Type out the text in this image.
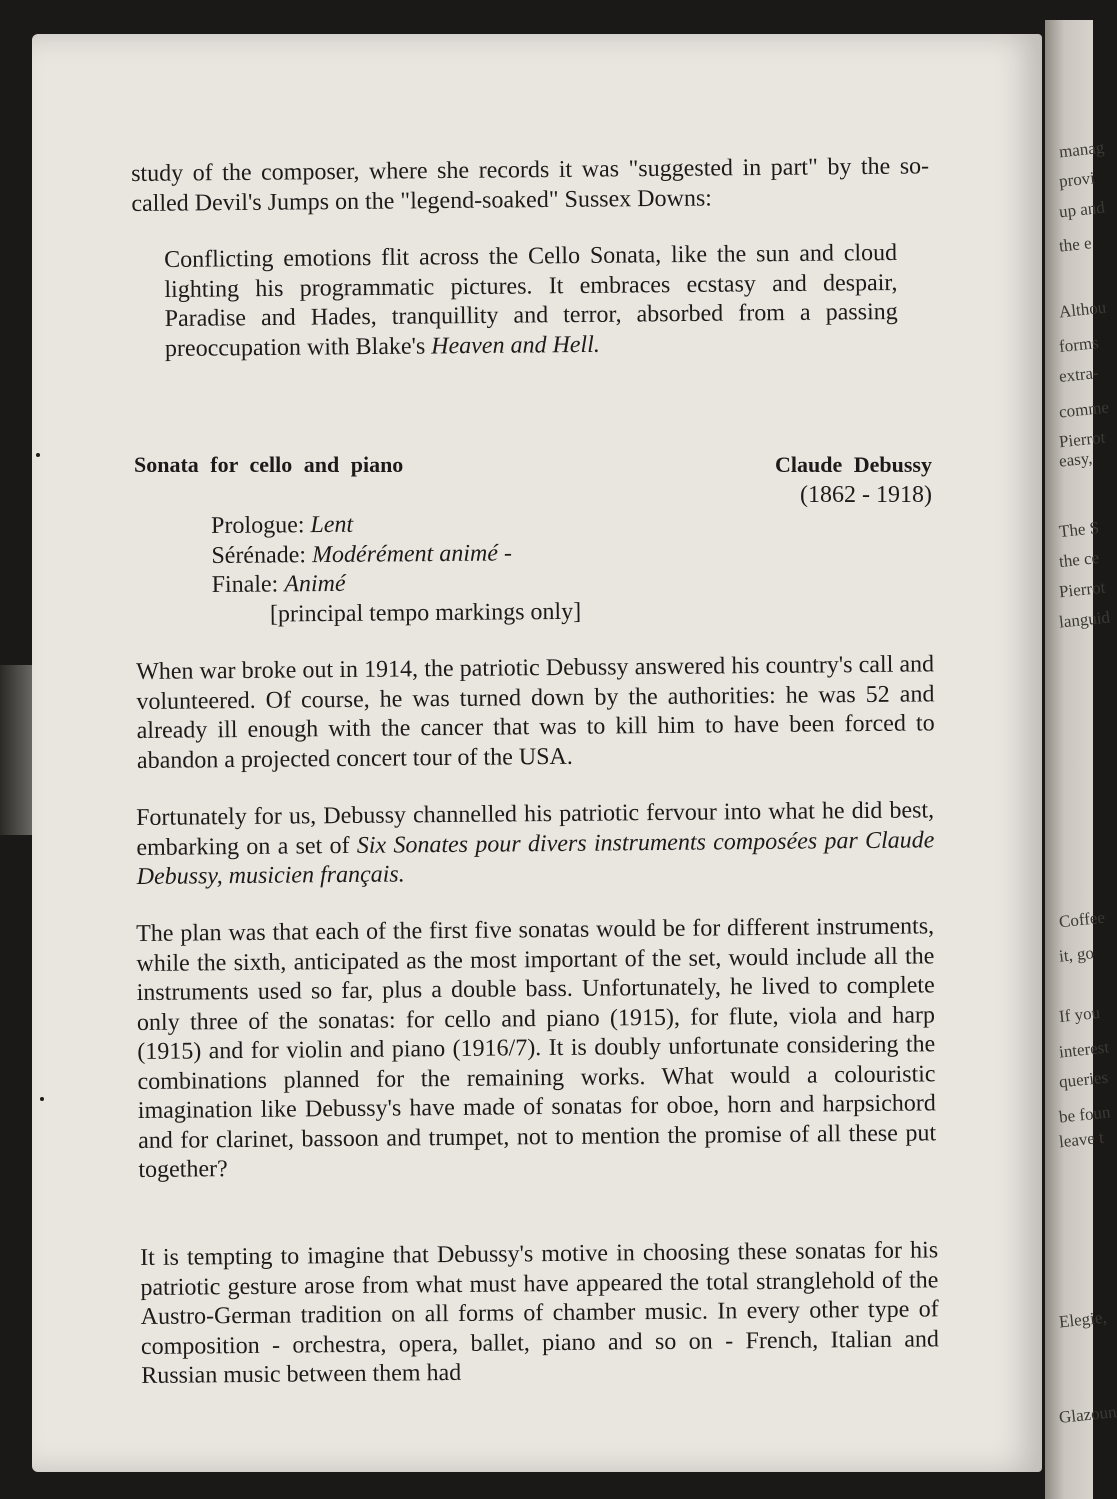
manag
provi
up and
the e
Althou
forms
extra-
comme
Pierrot
easy,
The S
the ce
Pierrot
languid
Coffee
it, go
If you
interest
queries
be foun
leave t
Elegie,
Glazoun

study of the composer, where she records it was "suggested in part" by the so-called Devil's Jumps on the "legend-soaked" Sussex Downs:

Conflicting emotions flit across the Cello Sonata, like the sun and cloud lighting his programmatic pictures. It embraces ecstasy and despair, Paradise and Hades, tranquillity and terror, absorbed from a passing preoccupation with Blake's Heaven and Hell.

Sonata for cello and piano	Claude Debussy
(1862 - 1918)
Prologue: Lent
Sérénade: Modérément animé -
Finale: Animé
[principal tempo markings only]

When war broke out in 1914, the patriotic Debussy answered his country's call and volunteered. Of course, he was turned down by the authorities: he was 52 and already ill enough with the cancer that was to kill him to have been forced to abandon a projected concert tour of the USA.

Fortunately for us, Debussy channelled his patriotic fervour into what he did best, embarking on a set of Six Sonates pour divers instruments composées par Claude Debussy, musicien français.

The plan was that each of the first five sonatas would be for different instruments, while the sixth, anticipated as the most important of the set, would include all the instruments used so far, plus a double bass. Unfortunately, he lived to complete only three of the sonatas: for cello and piano (1915), for flute, viola and harp (1915) and for violin and piano (1916/7). It is doubly unfortunate considering the combinations planned for the remaining works. What would a colouristic imagination like Debussy's have made of sonatas for oboe, horn and harpsichord and for clarinet, bassoon and trumpet, not to mention the promise of all these put together?

It is tempting to imagine that Debussy's motive in choosing these sonatas for his patriotic gesture arose from what must have appeared the total stranglehold of the Austro-German tradition on all forms of chamber music. In every other type of composition - orchestra, opera, ballet, piano and so on - French, Italian and Russian music between them had
